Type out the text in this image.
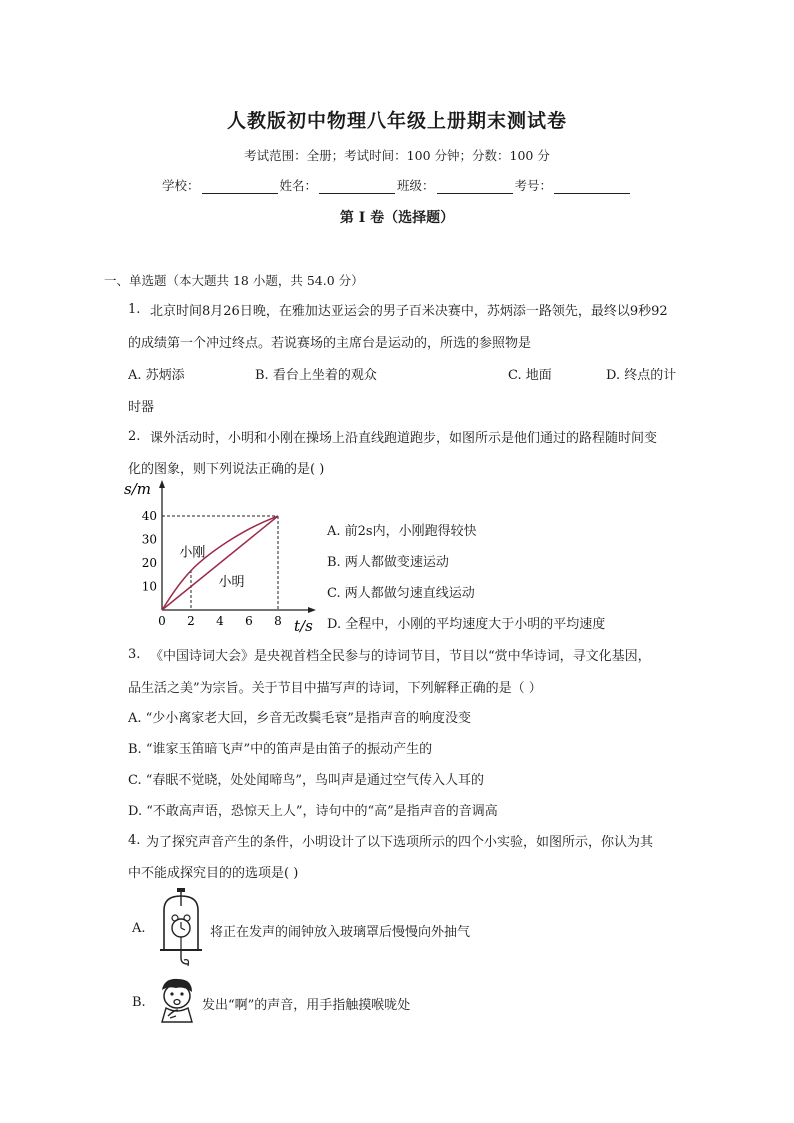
人教版初中物理八年级上册期末测试卷
考试范围：全册；考试时间：100 分钟；分数：100 分
学校：	姓名：	班级：	考号：
第 I 卷（选择题）
一、单选题（本大题共 18 小题，共 54.0 分）
1. 北京时间8月26日晚，在雅加达亚运会的男子百米决赛中，苏炳添一路领先，最终以9秒92
的成绩第一个冲过终点。若说赛场的主席台是运动的，所选的参照物是
A. 苏炳添	B. 看台上坐着的观众	C. 地面	D. 终点的计
时器
2. 课外活动时，小明和小刚在操场上沿直线跑道跑步，如图所示是他们通过的路程随时间变
化的图象，则下列说法正确的是( )
s/m
t/s
0 2 4 6 8
10
20
30
40
小刚
小明
A. 前2s内，小刚跑得较快
B. 两人都做变速运动
C. 两人都做匀速直线运动
D. 全程中，小刚的平均速度大于小明的平均速度
3. 《中国诗词大会》是央视首档全民参与的诗词节目，节目以“赏中华诗词，寻文化基因，
品生活之美”为宗旨。关于节目中描写声的诗词，下列解释正确的是（ ）
A. “少小离家老大回，乡音无改鬓毛衰”是指声音的响度没变
B. “谁家玉笛暗飞声”中的笛声是由笛子的振动产生的
C. “春眠不觉晓，处处闻啼鸟”，鸟叫声是通过空气传入人耳的
D. “不敢高声语，恐惊天上人”，诗句中的“高”是指声音的音调高
4. 为了探究声音产生的条件，小明设计了以下选项所示的四个小实验，如图所示，你认为其
中不能成探究目的的选项是( )
A.	将正在发声的闹钟放入玻璃罩后慢慢向外抽气
B.	发出“啊”的声音，用手指触摸喉咙处
